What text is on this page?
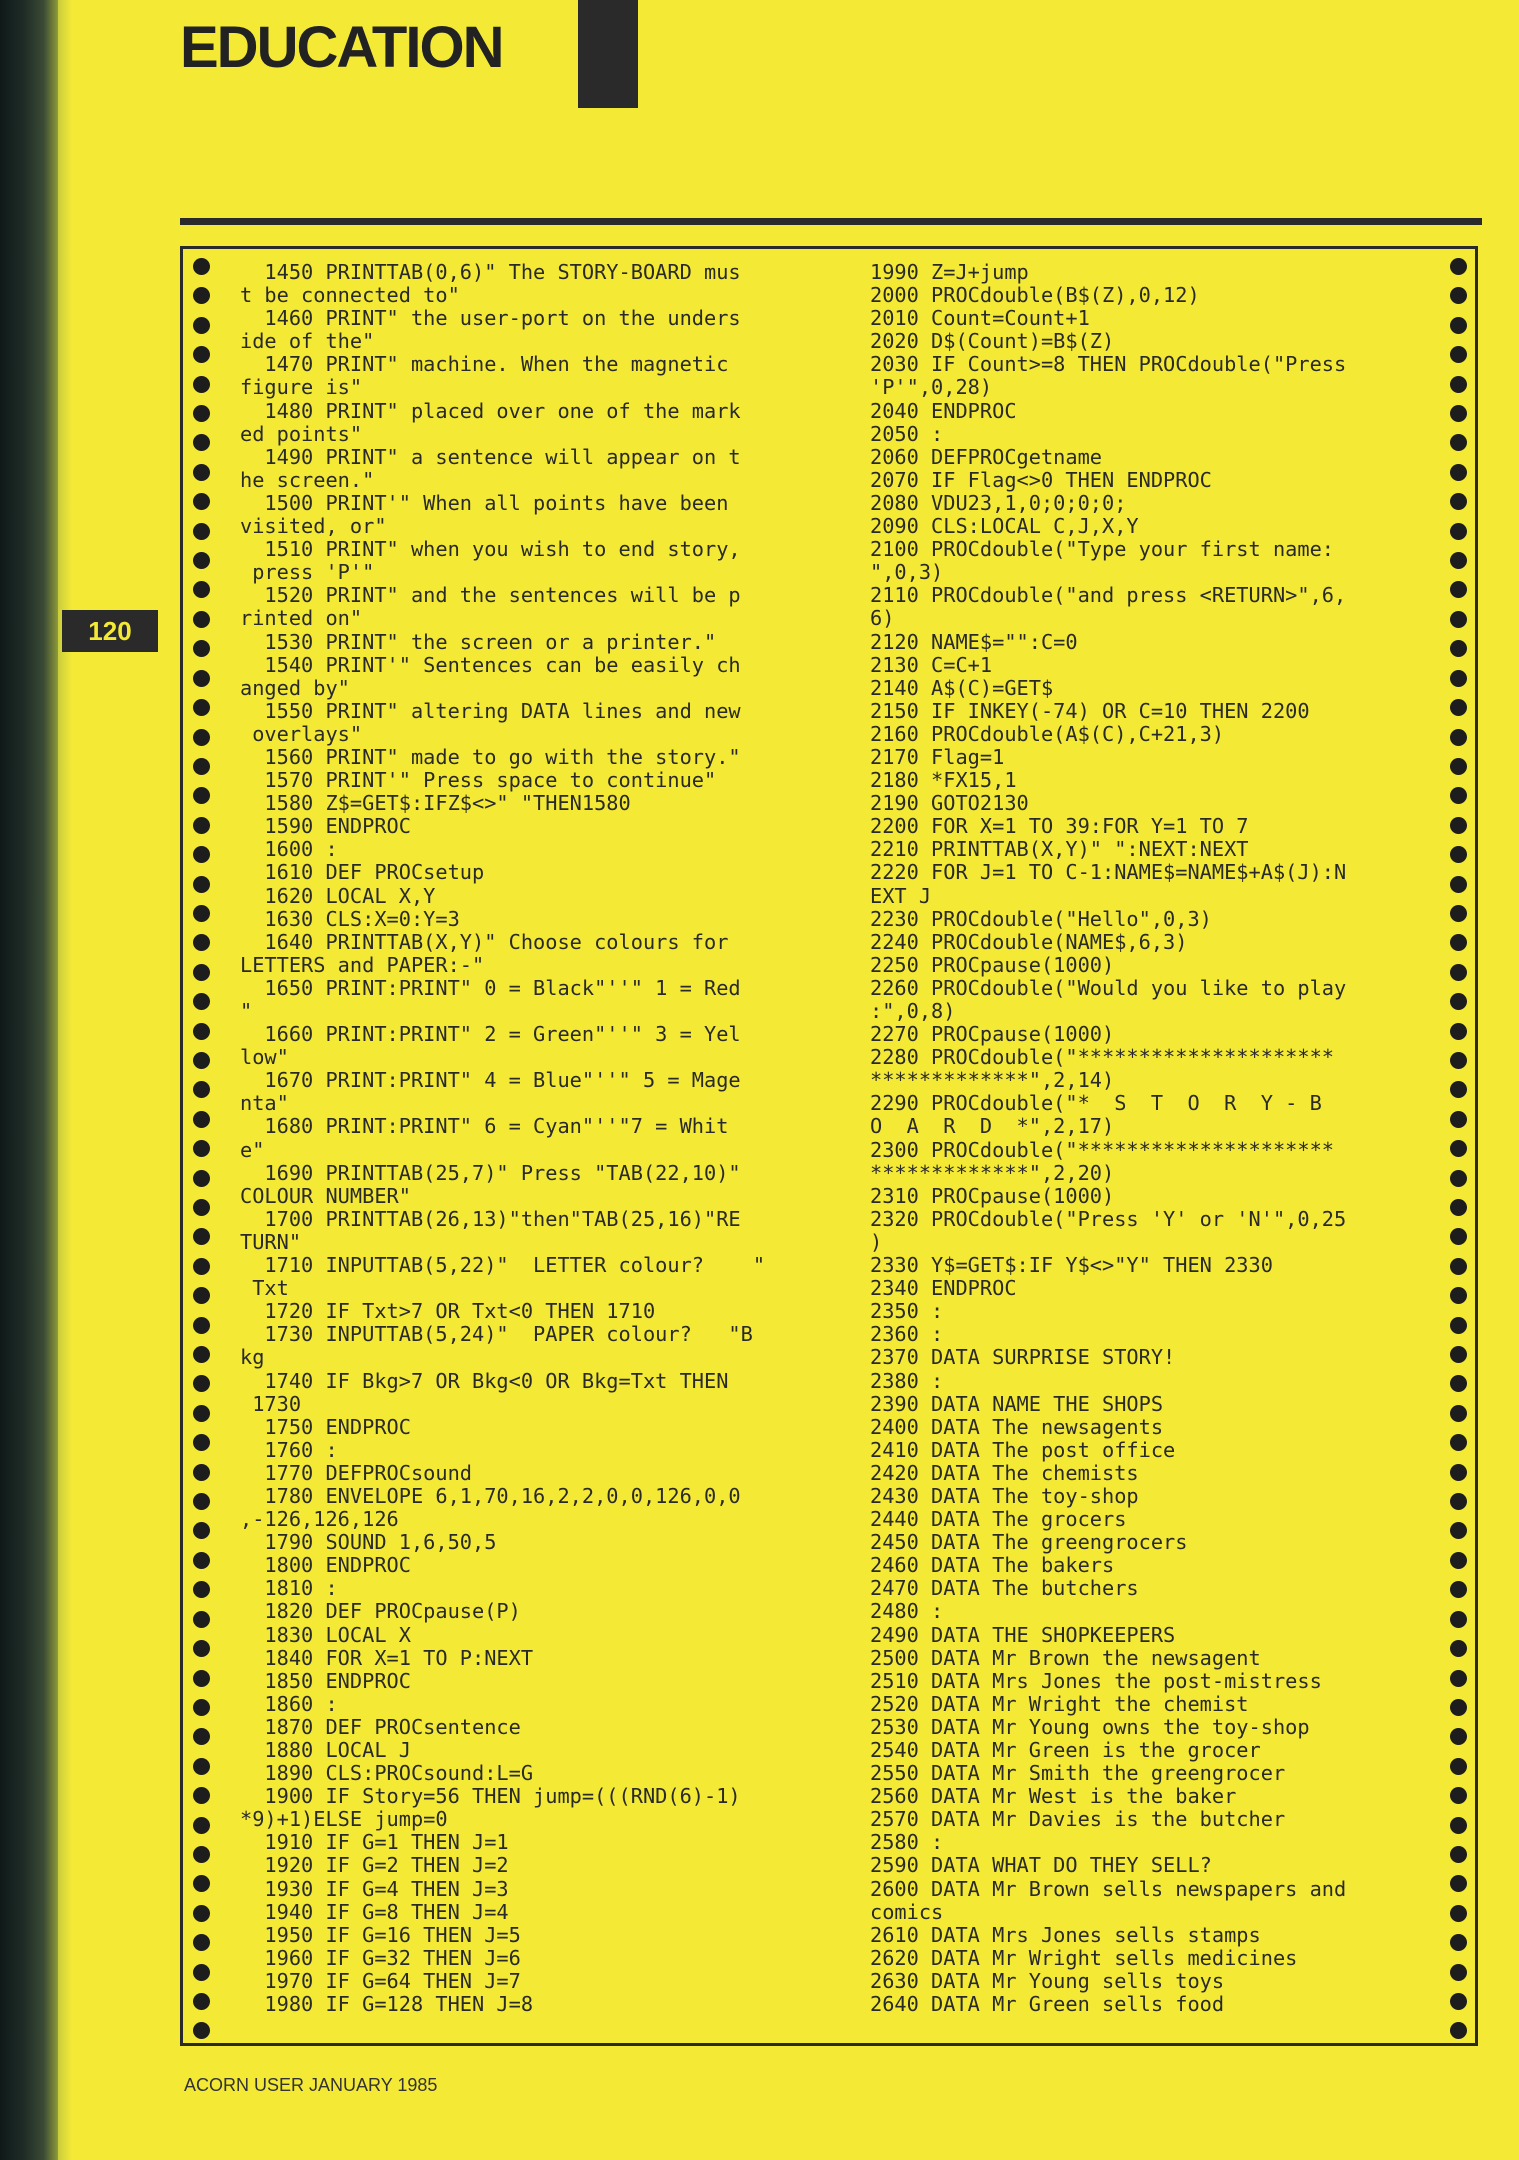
EDUCATION
120
1450 PRINTTAB(0,6)" The STORY-BOARD mus
t be connected to"
1460 PRINT" the user-port on the unders
ide of the"
1470 PRINT" machine. When the magnetic
figure is"
1480 PRINT" placed over one of the mark
ed points"
1490 PRINT" a sentence will appear on t
he screen."
1500 PRINT'" When all points have been
visited, or"
1510 PRINT" when you wish to end story,
press 'P'"
1520 PRINT" and the sentences will be p
rinted on"
1530 PRINT" the screen or a printer."
1540 PRINT'" Sentences can be easily ch
anged by"
1550 PRINT" altering DATA lines and new
overlays"
1560 PRINT" made to go with the story."
1570 PRINT'" Press space to continue"
1580 Z$=GET$:IFZ$<>" "THEN1580
1590 ENDPROC
1600 :
1610 DEF PROCsetup
1620 LOCAL X,Y
1630 CLS:X=0:Y=3
1640 PRINTTAB(X,Y)" Choose colours for
LETTERS and PAPER:-"
1650 PRINT:PRINT" 0 = Black"''" 1 = Red
"
1660 PRINT:PRINT" 2 = Green"''" 3 = Yel
low"
1670 PRINT:PRINT" 4 = Blue"''" 5 = Mage
nta"
1680 PRINT:PRINT" 6 = Cyan"''"7 = Whit
e"
1690 PRINTTAB(25,7)" Press "TAB(22,10)"
COLOUR NUMBER"
1700 PRINTTAB(26,13)"then"TAB(25,16)"RE
TURN"
1710 INPUTTAB(5,22)"  LETTER colour?    "
Txt
1720 IF Txt>7 OR Txt<0 THEN 1710
1730 INPUTTAB(5,24)"  PAPER colour?   "B
kg
1740 IF Bkg>7 OR Bkg<0 OR Bkg=Txt THEN
1730
1750 ENDPROC
1760 :
1770 DEFPROCsound
1780 ENVELOPE 6,1,70,16,2,2,0,0,126,0,0
,-126,126,126
1790 SOUND 1,6,50,5
1800 ENDPROC
1810 :
1820 DEF PROCpause(P)
1830 LOCAL X
1840 FOR X=1 TO P:NEXT
1850 ENDPROC
1860 :
1870 DEF PROCsentence
1880 LOCAL J
1890 CLS:PROCsound:L=G
1900 IF Story=56 THEN jump=(((RND(6)-1)
*9)+1)ELSE jump=0
1910 IF G=1 THEN J=1
1920 IF G=2 THEN J=2
1930 IF G=4 THEN J=3
1940 IF G=8 THEN J=4
1950 IF G=16 THEN J=5
1960 IF G=32 THEN J=6
1970 IF G=64 THEN J=7
1980 IF G=128 THEN J=8
1990 Z=J+jump
2000 PROCdouble(B$(Z),0,12)
2010 Count=Count+1
2020 D$(Count)=B$(Z)
2030 IF Count>=8 THEN PROCdouble("Press
'P'",0,28)
2040 ENDPROC
2050 :
2060 DEFPROCgetname
2070 IF Flag<>0 THEN ENDPROC
2080 VDU23,1,0;0;0;0;
2090 CLS:LOCAL C,J,X,Y
2100 PROCdouble("Type your first name:
",0,3)
2110 PROCdouble("and press <RETURN>",6,
6)
2120 NAME$="":C=0
2130 C=C+1
2140 A$(C)=GET$
2150 IF INKEY(-74) OR C=10 THEN 2200
2160 PROCdouble(A$(C),C+21,3)
2170 Flag=1
2180 *FX15,1
2190 GOTO2130
2200 FOR X=1 TO 39:FOR Y=1 TO 7
2210 PRINTTAB(X,Y)" ":NEXT:NEXT
2220 FOR J=1 TO C-1:NAME$=NAME$+A$(J):N
EXT J
2230 PROCdouble("Hello",0,3)
2240 PROCdouble(NAME$,6,3)
2250 PROCpause(1000)
2260 PROCdouble("Would you like to play
:",0,8)
2270 PROCpause(1000)
2280 PROCdouble("*********************
*************",2,14)
2290 PROCdouble("*  S  T  O  R  Y - B
O  A  R  D  *",2,17)
2300 PROCdouble("*********************
*************",2,20)
2310 PROCpause(1000)
2320 PROCdouble("Press 'Y' or 'N'",0,25
)
2330 Y$=GET$:IF Y$<>"Y" THEN 2330
2340 ENDPROC
2350 :
2360 :
2370 DATA SURPRISE STORY!
2380 :
2390 DATA NAME THE SHOPS
2400 DATA The newsagents
2410 DATA The post office
2420 DATA The chemists
2430 DATA The toy-shop
2440 DATA The grocers
2450 DATA The greengrocers
2460 DATA The bakers
2470 DATA The butchers
2480 :
2490 DATA THE SHOPKEEPERS
2500 DATA Mr Brown the newsagent
2510 DATA Mrs Jones the post-mistress
2520 DATA Mr Wright the chemist
2530 DATA Mr Young owns the toy-shop
2540 DATA Mr Green is the grocer
2550 DATA Mr Smith the greengrocer
2560 DATA Mr West is the baker
2570 DATA Mr Davies is the butcher
2580 :
2590 DATA WHAT DO THEY SELL?
2600 DATA Mr Brown sells newspapers and
comics
2610 DATA Mrs Jones sells stamps
2620 DATA Mr Wright sells medicines
2630 DATA Mr Young sells toys
2640 DATA Mr Green sells food

ACORN USER JANUARY 1985
